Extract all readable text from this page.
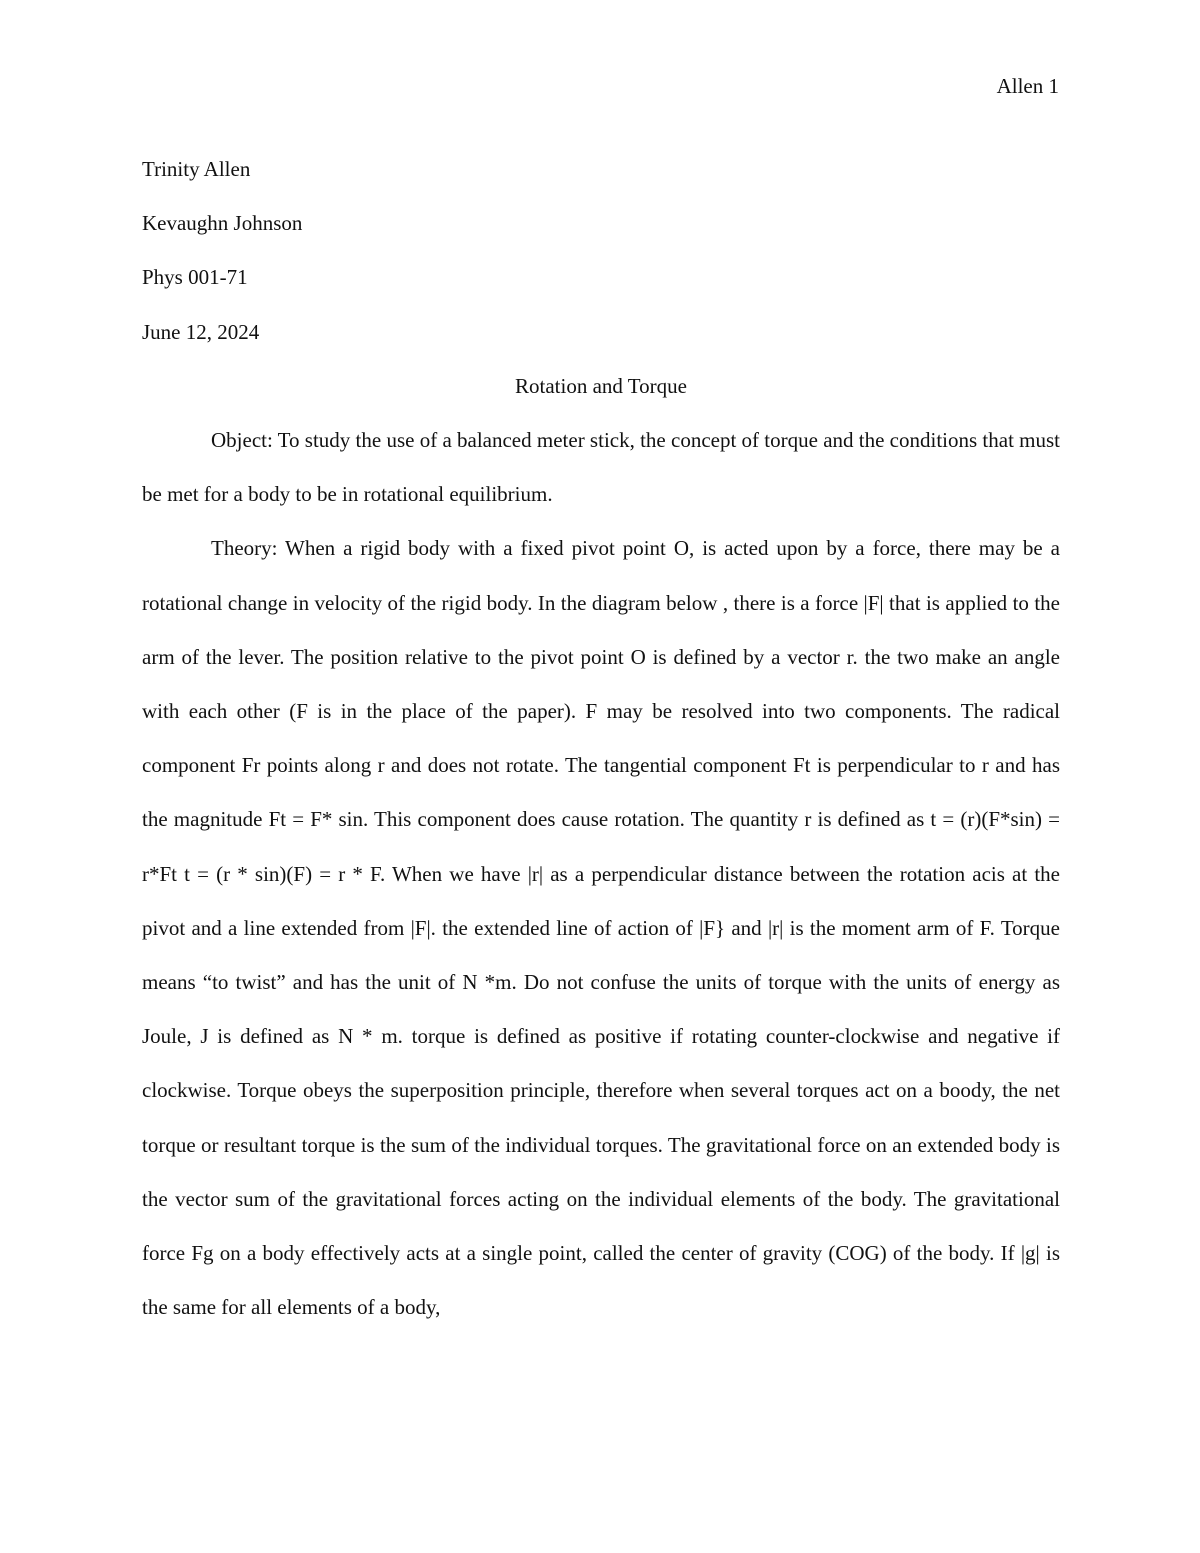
Allen 1

Trinity Allen

Kevaughn Johnson

Phys 001-71

June 12, 2024

Rotation and Torque

Object: To study the use of a balanced meter stick, the concept of torque and the conditions that must be met for a body to be in rotational equilibrium.

Theory: When a rigid body with a fixed pivot point O, is acted upon by a force, there may be a rotational change in velocity of the rigid body. In the diagram below , there is a force |F| that is applied to the arm of the lever. The position relative to the pivot point O is defined by a vector r. the two make an angle with each other (F is in the place of the paper). F may be resolved into two components. The radical component Fr points along r and does not rotate. The tangential component Ft is perpendicular to r and has the magnitude Ft = F* sin. This component does cause rotation. The quantity r is defined as t = (r)(F*sin) = r*Ft t = (r * sin)(F) = r * F. When we have |r| as a perpendicular distance between the rotation acis at the pivot and a line extended from |F|. the extended line of action of |F} and |r| is the moment arm of F. Torque means “to twist” and has the unit of N *m. Do not confuse the units of torque with the units of energy as Joule, J is defined as N * m. torque is defined as positive if rotating counter-clockwise and negative if clockwise. Torque obeys the superposition principle, therefore when several torques act on a boody, the net torque or resultant torque is the sum of the individual torques. The gravitational force on an extended body is the vector sum of the gravitational forces acting on the individual elements of the body. The gravitational force Fg on a body effectively acts at a single point, called the center of gravity (COG) of the body. If |g| is the same for all elements of a body,
